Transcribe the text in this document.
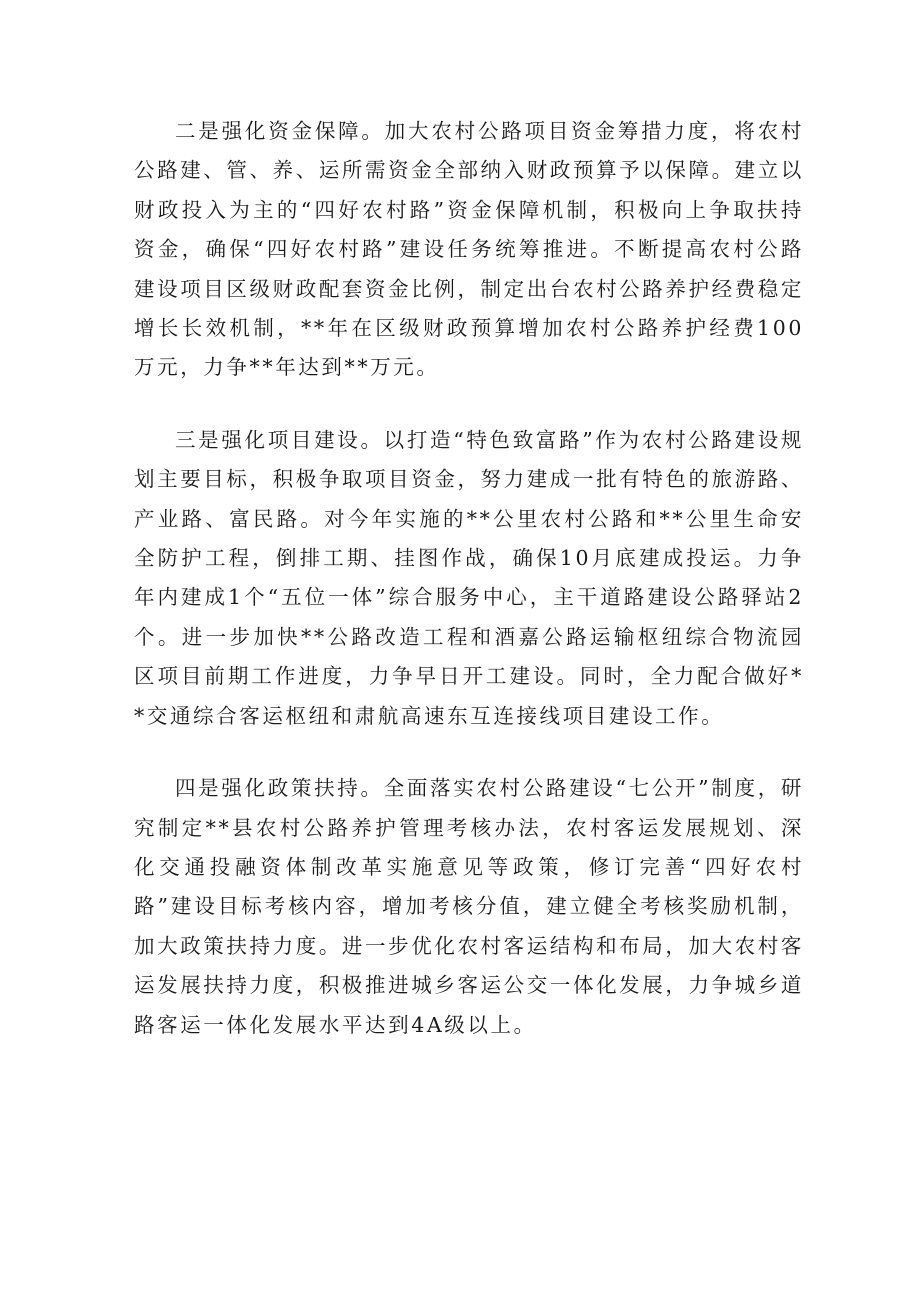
二是强化资金保障。加大农村公路项目资金筹措力度，将农村公路建、管、养、运所需资金全部纳入财政预算予以保障。建立以财政投入为主的“四好农村路”资金保障机制，积极向上争取扶持资金，确保“四好农村路”建设任务统筹推进。不断提高农村公路建设项目区级财政配套资金比例，制定出台农村公路养护经费稳定增长长效机制，**年在区级财政预算增加农村公路养护经费100万元，力争**年达到**万元。

三是强化项目建设。以打造“特色致富路”作为农村公路建设规划主要目标，积极争取项目资金，努力建成一批有特色的旅游路、产业路、富民路。对今年实施的**公里农村公路和**公里生命安全防护工程，倒排工期、挂图作战，确保10月底建成投运。力争年内建成1个“五位一体”综合服务中心，主干道路建设公路驿站2个。进一步加快**公路改造工程和酒嘉公路运输枢纽综合物流园区项目前期工作进度，力争早日开工建设。同时，全力配合做好**交通综合客运枢纽和肃航高速东互连接线项目建设工作。

四是强化政策扶持。全面落实农村公路建设“七公开”制度，研究制定**县农村公路养护管理考核办法，农村客运发展规划、深化交通投融资体制改革实施意见等政策，修订完善“四好农村路”建设目标考核内容，增加考核分值，建立健全考核奖励机制，加大政策扶持力度。进一步优化农村客运结构和布局，加大农村客运发展扶持力度，积极推进城乡客运公交一体化发展，力争城乡道路客运一体化发展水平达到4A级以上。
